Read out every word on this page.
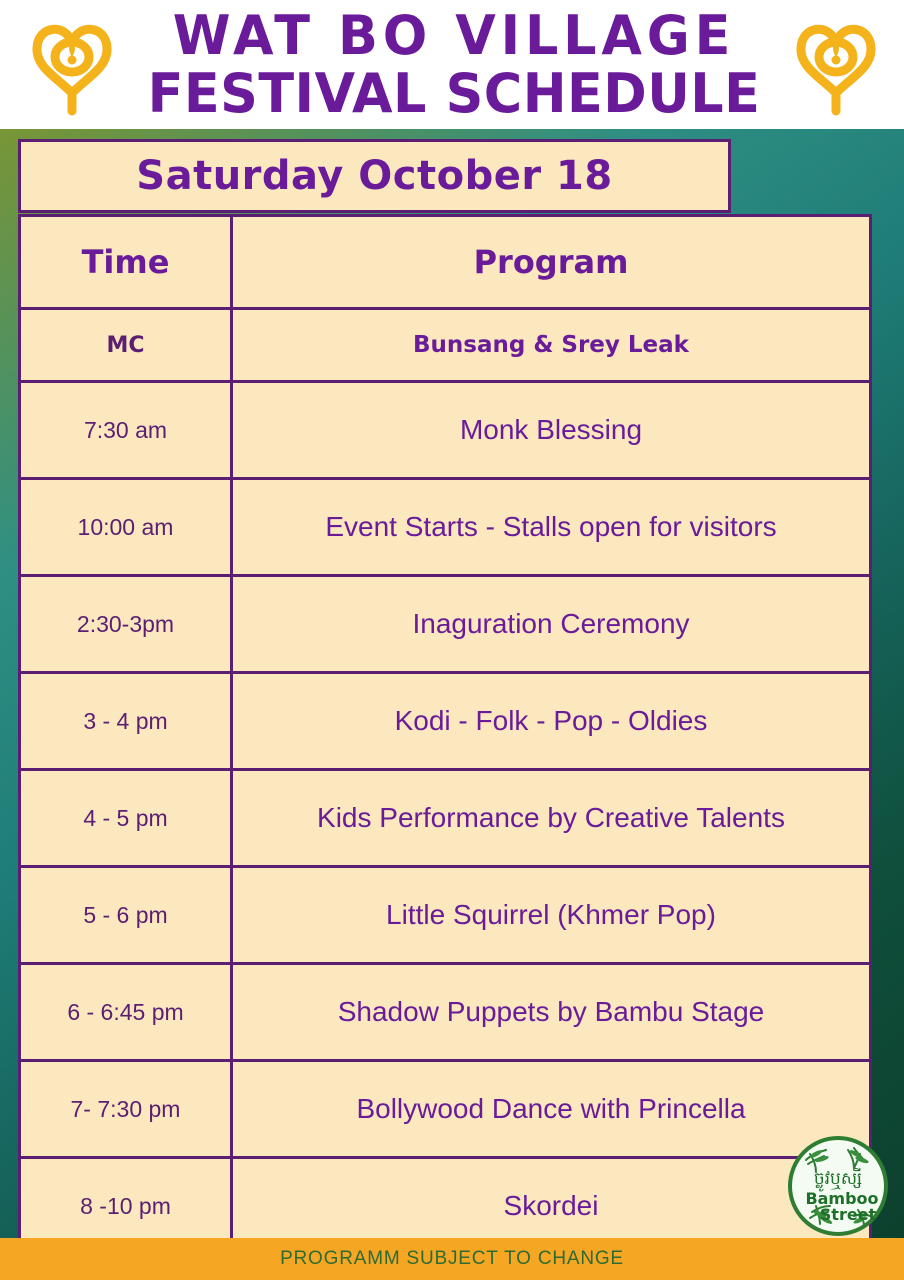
WAT BO VILLAGE
FESTIVAL SCHEDULE
Saturday October 18
Time	Program
MC	Bunsang & Srey Leak
7:30 am	Monk Blessing
10:00 am	Event Starts - Stalls open for visitors
2:30-3pm	Inaguration Ceremony
3 - 4 pm	Kodi - Folk - Pop - Oldies
4 - 5 pm	Kids Performance by Creative Talents
5 - 6 pm	Little Squirrel (Khmer Pop)
6 - 6:45 pm	Shadow Puppets by Bambu Stage
7- 7:30 pm	Bollywood Dance with Princella
8 -10 pm	Skordei
ច្លូវឬស្សី
Bamboo
Street
PROGRAMM SUBJECT TO CHANGE
